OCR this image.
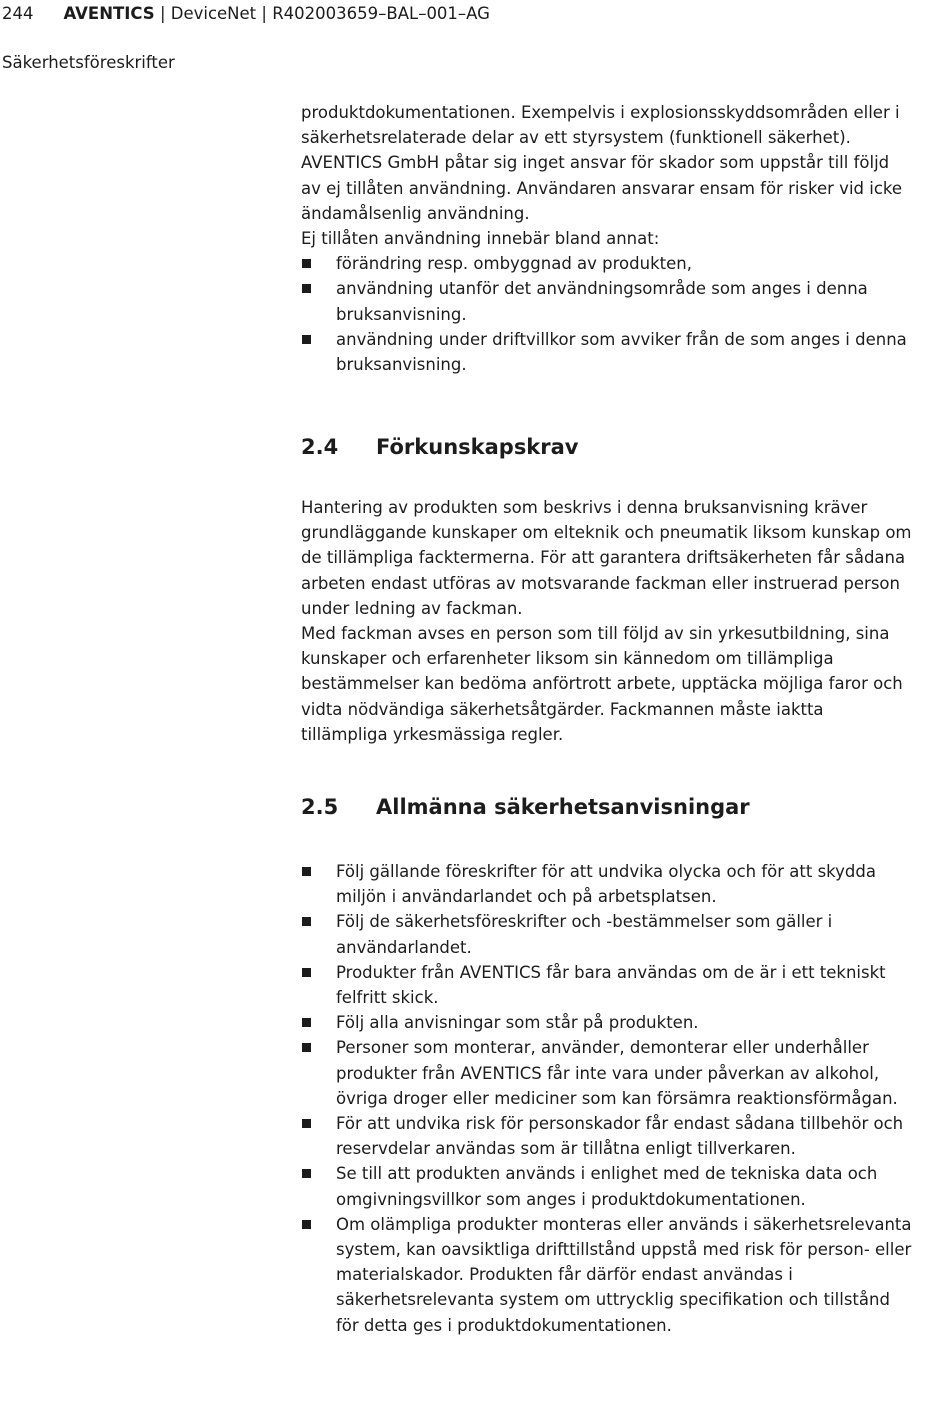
244 AVENTICS | DeviceNet | R402003659–BAL–001–AG
Säkerhetsföreskrifter

produktdokumentationen. Exempelvis i explosionsskyddsområden eller i säkerhetsrelaterade delar av ett styrsystem (funktionell säkerhet). AVENTICS GmbH påtar sig inget ansvar för skador som uppstår till följd av ej tillåten användning. Användaren ansvarar ensam för risker vid icke ändamålsenlig användning.

Ej tillåten användning innebär bland annat:

förändring resp. ombyggnad av produkten,
användning utanför det användningsområde som anges i denna bruksanvisning.
användning under driftvillkor som avviker från de som anges i denna bruksanvisning.
2.4 Förkunskapskrav

Hantering av produkten som beskrivs i denna bruksanvisning kräver grundläggande kunskaper om elteknik och pneumatik liksom kunskap om de tillämpliga facktermerna. För att garantera driftsäkerheten får sådana arbeten endast utföras av motsvarande fackman eller instruerad person under ledning av fackman.

Med fackman avses en person som till följd av sin yrkesutbildning, sina kunskaper och erfarenheter liksom sin kännedom om tillämpliga bestämmelser kan bedöma anförtrott arbete, upptäcka möjliga faror och vidta nödvändiga säkerhetsåtgärder. Fackmannen måste iaktta tillämpliga yrkesmässiga regler.

2.5 Allmänna säkerhetsanvisningar
Följ gällande föreskrifter för att undvika olycka och för att skydda miljön i användarlandet och på arbetsplatsen.
Följ de säkerhetsföreskrifter och -bestämmelser som gäller i användarlandet.
Produkter från AVENTICS får bara användas om de är i ett tekniskt felfritt skick.
Följ alla anvisningar som står på produkten.
Personer som monterar, använder, demonterar eller underhåller produkter från AVENTICS får inte vara under påverkan av alkohol, övriga droger eller mediciner som kan försämra reaktionsförmågan.
För att undvika risk för personskador får endast sådana tillbehör och reservdelar användas som är tillåtna enligt tillverkaren.
Se till att produkten används i enlighet med de tekniska data och omgivningsvillkor som anges i produktdokumentationen.
Om olämpliga produkter monteras eller används i säkerhetsrelevanta system, kan oavsiktliga drifttillstånd uppstå med risk för person- eller materialskador. Produkten får därför endast användas i säkerhetsrelevanta system om uttrycklig specifikation och tillstånd för detta ges i produktdokumentationen.
